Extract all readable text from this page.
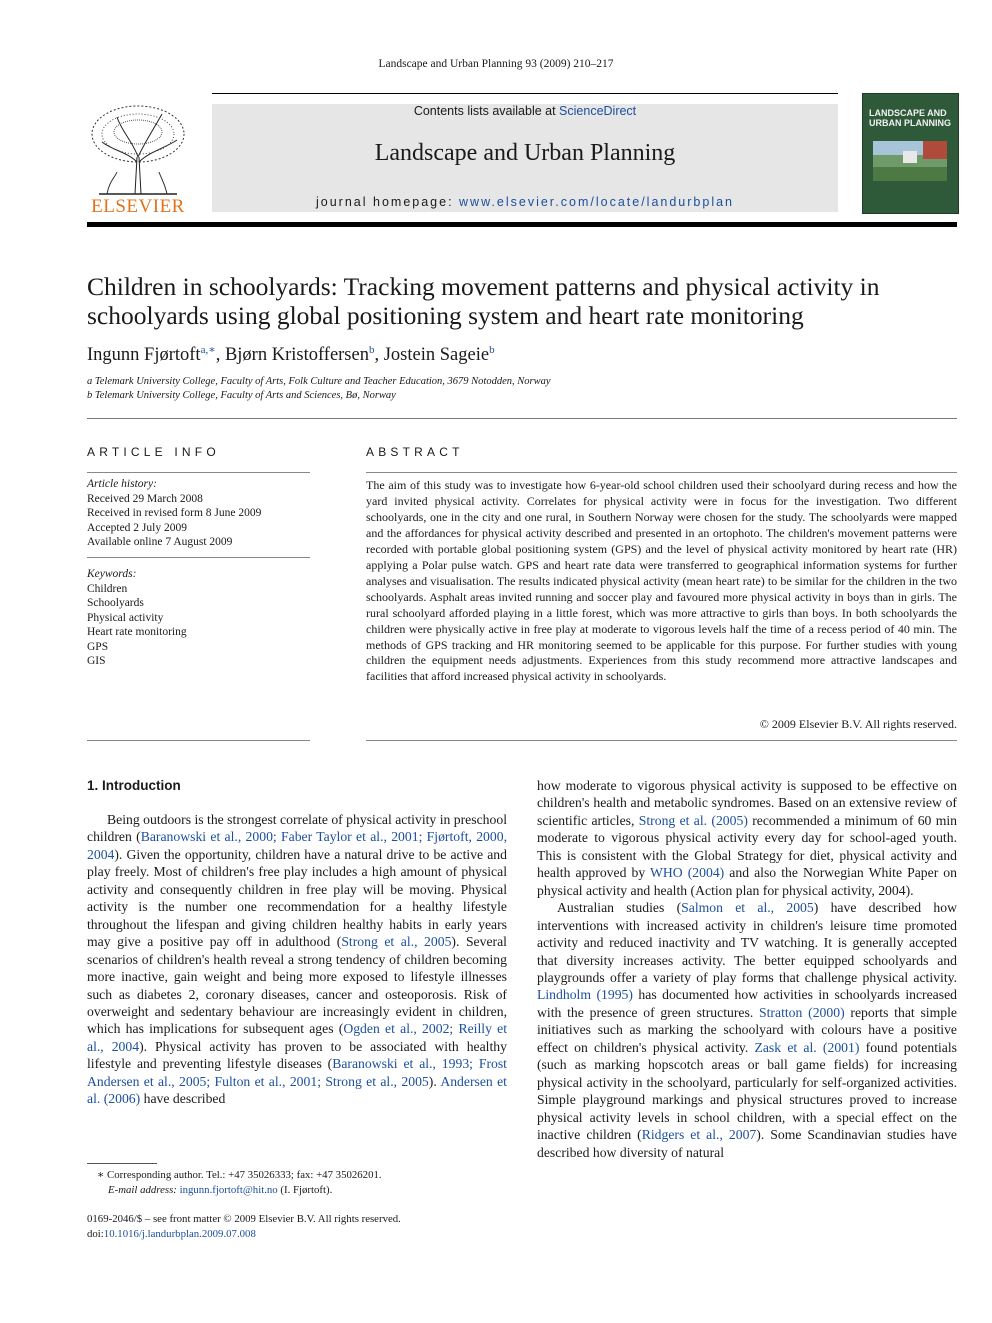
Landscape and Urban Planning 93 (2009) 210–217
ELSEVIER
Contents lists available at ScienceDirect
Landscape and Urban Planning
journal homepage: www.elsevier.com/locate/landurbplan
LANDSCAPE AND URBAN PLANNING
Children in schoolyards: Tracking movement patterns and physical activity in schoolyards using global positioning system and heart rate monitoring
Ingunn Fjørtoft$^{a,∗}$, Bjørn Kristoffersen$^b$, Jostein Sageie$^b$
a Telemark University College, Faculty of Arts, Folk Culture and Teacher Education, 3679 Notodden, Norway
b Telemark University College, Faculty of Arts and Sciences, Bø, Norway
ARTICLE INFO
Article history:
Received 29 March 2008
Received in revised form 8 June 2009
Accepted 2 July 2009
Available online 7 August 2009
Keywords:
Children
Schoolyards
Physical activity
Heart rate monitoring
GPS
GIS
ABSTRACT
The aim of this study was to investigate how 6-year-old school children used their schoolyard during recess and how the yard invited physical activity. Correlates for physical activity were in focus for the investigation. Two different schoolyards, one in the city and one rural, in Southern Norway were chosen for the study. The schoolyards were mapped and the affordances for physical activity described and presented in an ortophoto. The children's movement patterns were recorded with portable global positioning system (GPS) and the level of physical activity monitored by heart rate (HR) applying a Polar pulse watch. GPS and heart rate data were transferred to geographical information systems for further analyses and visualisation. The results indicated physical activity (mean heart rate) to be similar for the children in the two schoolyards. Asphalt areas invited running and soccer play and favoured more physical activity in boys than in girls. The rural schoolyard afforded playing in a little forest, which was more attractive to girls than boys. In both schoolyards the children were physically active in free play at moderate to vigorous levels half the time of a recess period of 40 min. The methods of GPS tracking and HR monitoring seemed to be applicable for this purpose. For further studies with young children the equipment needs adjustments. Experiences from this study recommend more attractive landscapes and facilities that afford increased physical activity in schoolyards.
© 2009 Elsevier B.V. All rights reserved.
1. Introduction

Being outdoors is the strongest correlate of physical activity in preschool children (Baranowski et al., 2000; Faber Taylor et al., 2001; Fjørtoft, 2000, 2004). Given the opportunity, children have a natural drive to be active and play freely. Most of children's free play includes a high amount of physical activity and consequently children in free play will be moving. Physical activity is the number one recommendation for a healthy lifestyle throughout the lifespan and giving children healthy habits in early years may give a positive pay off in adulthood (Strong et al., 2005). Several scenarios of children's health reveal a strong tendency of children becoming more inactive, gain weight and being more exposed to lifestyle illnesses such as diabetes 2, coronary diseases, cancer and osteoporosis. Risk of overweight and sedentary behaviour are increasingly evident in children, which has implications for subsequent ages (Ogden et al., 2002; Reilly et al., 2004). Physical activity has proven to be associated with healthy lifestyle and preventing lifestyle diseases (Baranowski et al., 1993; Frost Andersen et al., 2005; Fulton et al., 2001; Strong et al., 2005). Andersen et al. (2006) have described

how moderate to vigorous physical activity is supposed to be effective on children's health and metabolic syndromes. Based on an extensive review of scientific articles, Strong et al. (2005) recommended a minimum of 60 min moderate to vigorous physical activity every day for school-aged youth. This is consistent with the Global Strategy for diet, physical activity and health approved by WHO (2004) and also the Norwegian White Paper on physical activity and health (Action plan for physical activity, 2004).

Australian studies (Salmon et al., 2005) have described how interventions with increased activity in children's leisure time promoted activity and reduced inactivity and TV watching. It is generally accepted that diversity increases activity. The better equipped schoolyards and playgrounds offer a variety of play forms that challenge physical activity. Lindholm (1995) has documented how activities in schoolyards increased with the presence of green structures. Stratton (2000) reports that simple initiatives such as marking the schoolyard with colours have a positive effect on children's physical activity. Zask et al. (2001) found potentials (such as marking hopscotch areas or ball game fields) for increasing physical activity in the schoolyard, particularly for self-organized activities. Simple playground markings and physical structures proved to increase physical activity levels in school children, with a special effect on the inactive children (Ridgers et al., 2007). Some Scandinavian studies have described how diversity of natural

∗ Corresponding author. Tel.: +47 35026333; fax: +47 35026201.
E-mail address: ingunn.fjortoft@hit.no (I. Fjørtoft).
0169-2046/$ – see front matter © 2009 Elsevier B.V. All rights reserved.
doi:10.1016/j.landurbplan.2009.07.008
